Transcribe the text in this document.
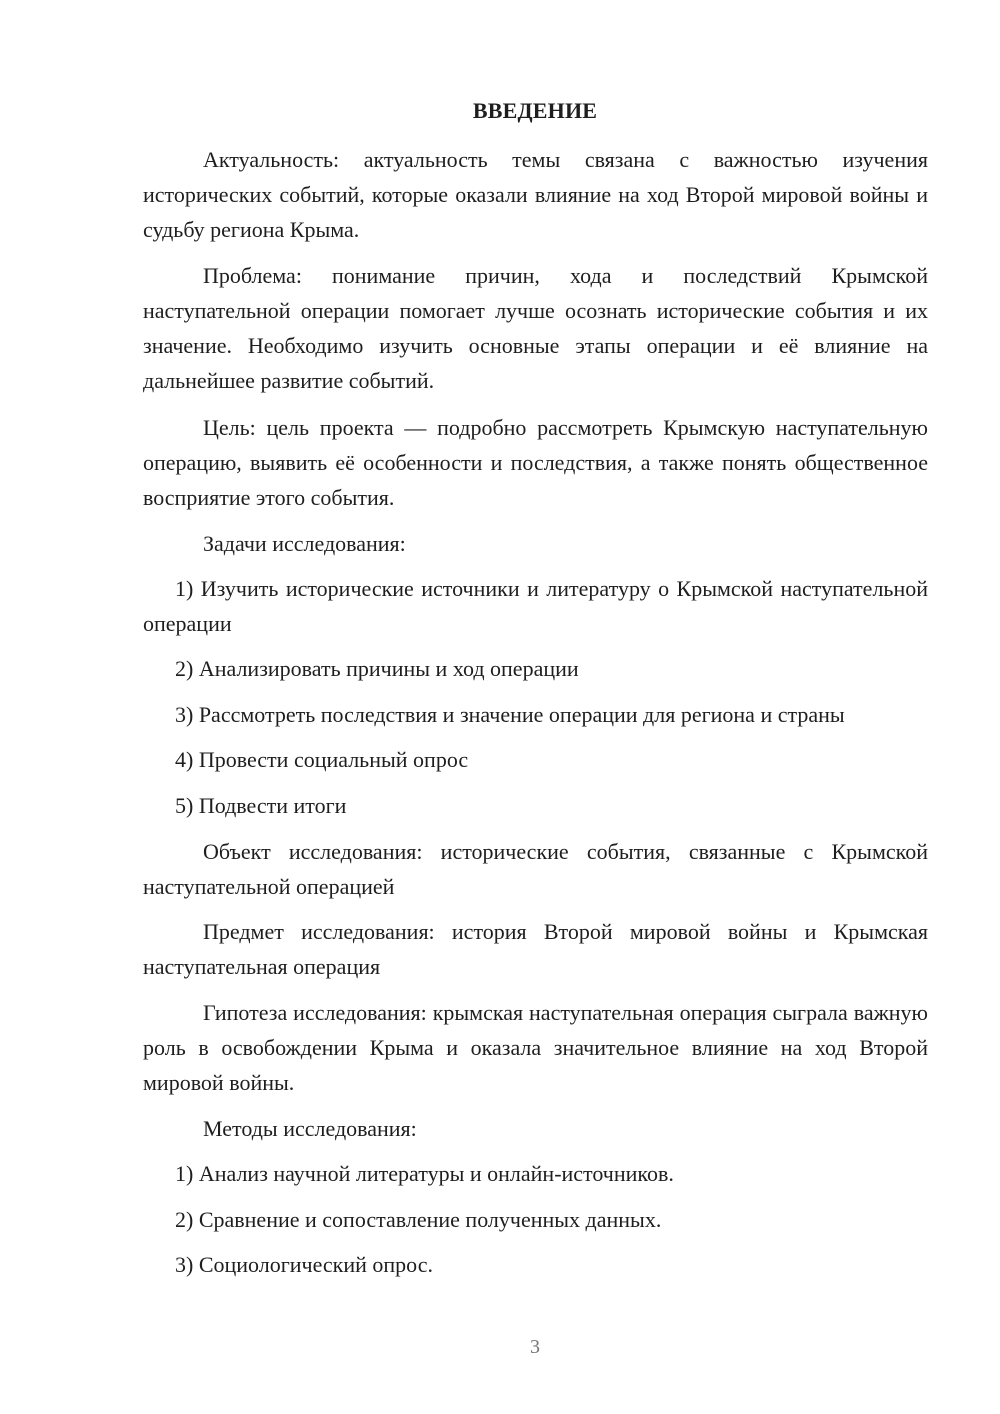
ВВЕДЕНИЕ

Актуальность: актуальность темы связана с важностью изучения исторических событий, которые оказали влияние на ход Второй мировой войны и судьбу региона Крыма.

Проблема: понимание причин, хода и последствий Крымской наступательной операции помогает лучше осознать исторические события и их значение. Необходимо изучить основные этапы операции и её влияние на дальнейшее развитие событий.

Цель: цель проекта — подробно рассмотреть Крымскую наступательную операцию, выявить её особенности и последствия, а также понять общественное восприятие этого события.

Задачи исследования:

1) Изучить исторические источники и литературу о Крымской наступательной операции

2) Анализировать причины и ход операции

3) Рассмотреть последствия и значение операции для региона и страны

4) Провести социальный опрос

5) Подвести итоги

Объект исследования: исторические события, связанные с Крымской наступательной операцией

Предмет исследования: история Второй мировой войны и Крымская наступательная операция

Гипотеза исследования: крымская наступательная операция сыграла важную роль в освобождении Крыма и оказала значительное влияние на ход Второй мировой войны.

Методы исследования:

1) Анализ научной литературы и онлайн-источников.

2) Сравнение и сопоставление полученных данных.

3) Социологический опрос.

3
